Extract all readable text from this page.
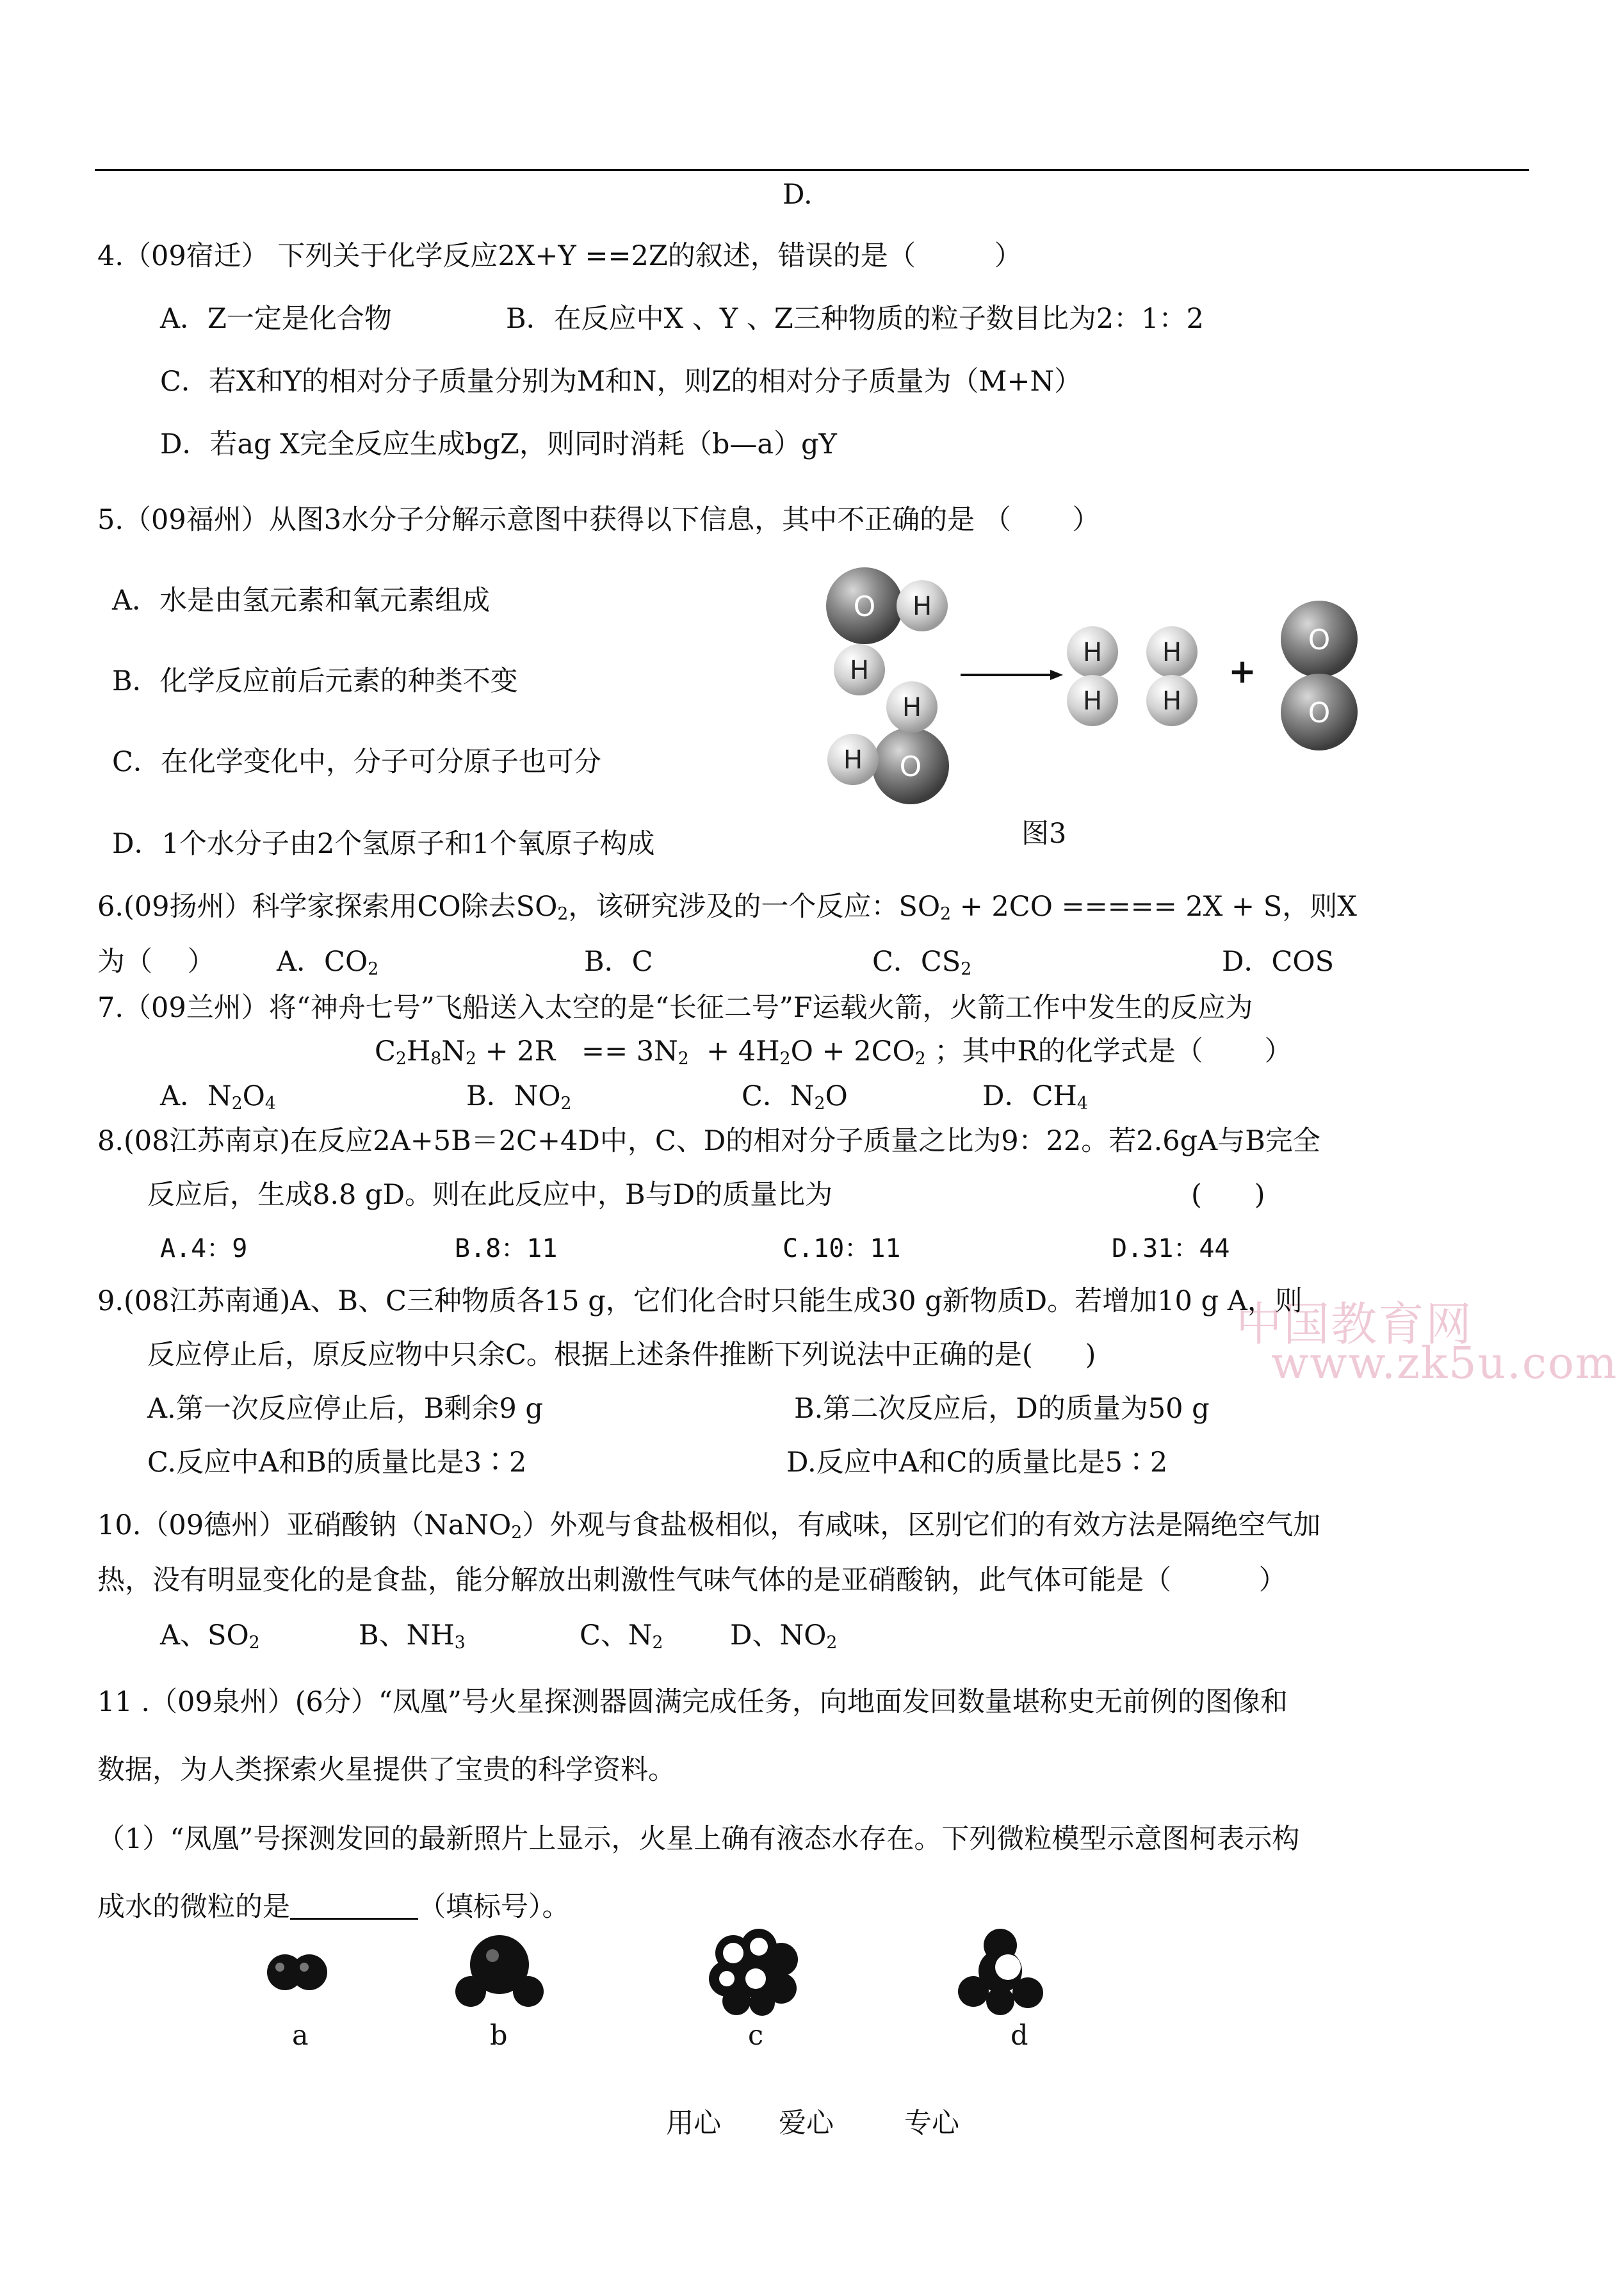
D.
4.（09宿迁） 下列关于化学反应2X+Y ==2Z的叙述，错误的是（         ）
A．Z一定是化合物	B．在反应中X 、Y 、Z三种物质的粒子数目比为2：1：2
C．若X和Y的相对分子质量分别为M和N，则Z的相对分子质量为（M+N）
D．若ag X完全反应生成bgZ，则同时消耗（b—a）gY
5.（09福州）从图3水分子分解示意图中获得以下信息，其中不正确的是 （       ）
A．水是由氢元素和氧元素组成
B．化学反应前后元素的种类不变
C．在化学变化中，分子可分原子也可分
D．1个水分子由2个氢原子和1个氧原子构成
O H
H
O
H
H
H
H
H
H
+
O
O
图3
6.(09扬州）科学家探索用CO除去$SO_2$，该研究涉及的一个反应：$SO_2 + 2CO$ ===== 2X + S，则X
为（    ） A．$CO_2$	B．C	C．$CS_2$	D．COS
7.（09兰州）将“神舟七号”飞船送入太空的是“长征二号”F运载火箭，火箭工作中发生的反应为
$C_2H_8N_2 + 2R == 3N_2 + 4H_2O + 2CO_2$ ；其中R的化学式是（       ）
A．$N_2O_4$	B．$NO_2$	C．$N_2O$	D．$CH_4$
8.(08江苏南京)在反应2A+5B＝2C+4D中，C、D的相对分子质量之比为9：22。若2.6gA与B完全
反应后，生成8.8 gD。则在此反应中，B与D的质量比为	(      )
A.4：9	B.8：11	C.10：11	D.31：44
中国教育网
www.zk5u.com
9.(08江苏南通)A、B、C三种物质各15 g，它们化合时只能生成30 g新物质D。若增加10 g A，则
反应停止后，原反应物中只余C。根据上述条件推断下列说法中正确的是(      )
A.第一次反应停止后，B剩余9 g	B.第二次反应后，D的质量为50 g
C.反应中A和B的质量比是3∶2	D.反应中A和C的质量比是5∶2
10.（09德州）亚硝酸钠（NaNO$_2$）外观与食盐极相似，有咸味，区别它们的有效方法是隔绝空气加
热，没有明显变化的是食盐，能分解放出刺激性气味气体的是亚硝酸钠，此气体可能是（          ）
A、$SO_2$	B、$NH_3$	C、$N_2$ D、$NO_2$
11 .（09泉州）(6分）“凤凰”号火星探测器圆满完成任务，向地面发回数量堪称史无前例的图像和
数据，为人类探索火星提供了宝贵的科学资料。
（1）“凤凰”号探测发回的最新照片上显示，火星上确有液态水存在。下列微粒模型示意图柯表示构
成水的微粒的是	（填标号）。
a	b	c	d
用心 爱心	专心
